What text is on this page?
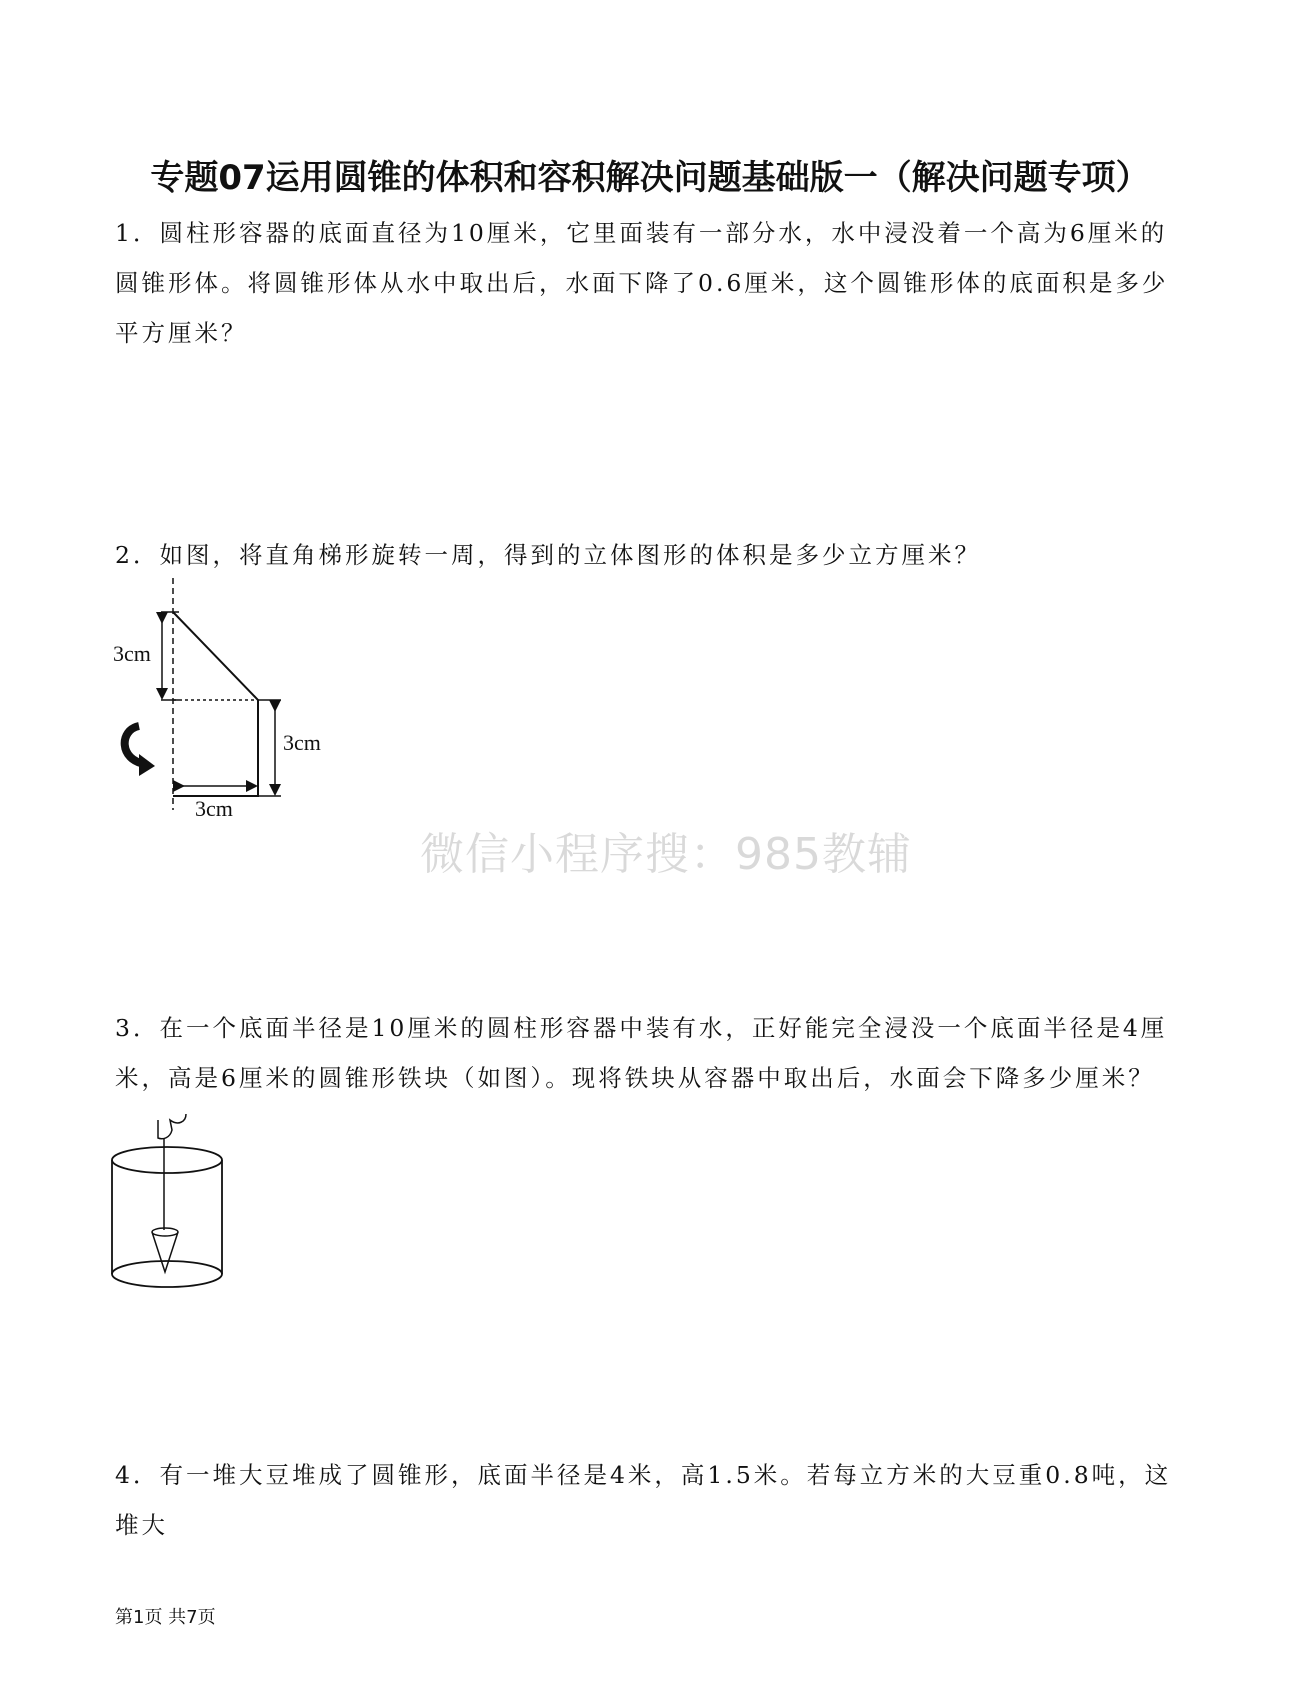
专题07运用圆锥的体积和容积解决问题基础版一（解决问题专项）
1．圆柱形容器的底面直径为10厘米，它里面装有一部分水，水中浸没着一个高为6厘米的圆锥形体。将圆锥形体从水中取出后，水面下降了0.6厘米，这个圆锥形体的底面积是多少平方厘米？
2．如图，将直角梯形旋转一周，得到的立体图形的体积是多少立方厘米？
3cm
3cm
3cm
微信小程序搜：985教辅
3．在一个底面半径是10厘米的圆柱形容器中装有水，正好能完全浸没一个底面半径是4厘米，高是6厘米的圆锥形铁块（如图）。现将铁块从容器中取出后，水面会下降多少厘米？
4．有一堆大豆堆成了圆锥形，底面半径是4米，高1.5米。若每立方米的大豆重0.8吨，这堆大
第1页 共7页
